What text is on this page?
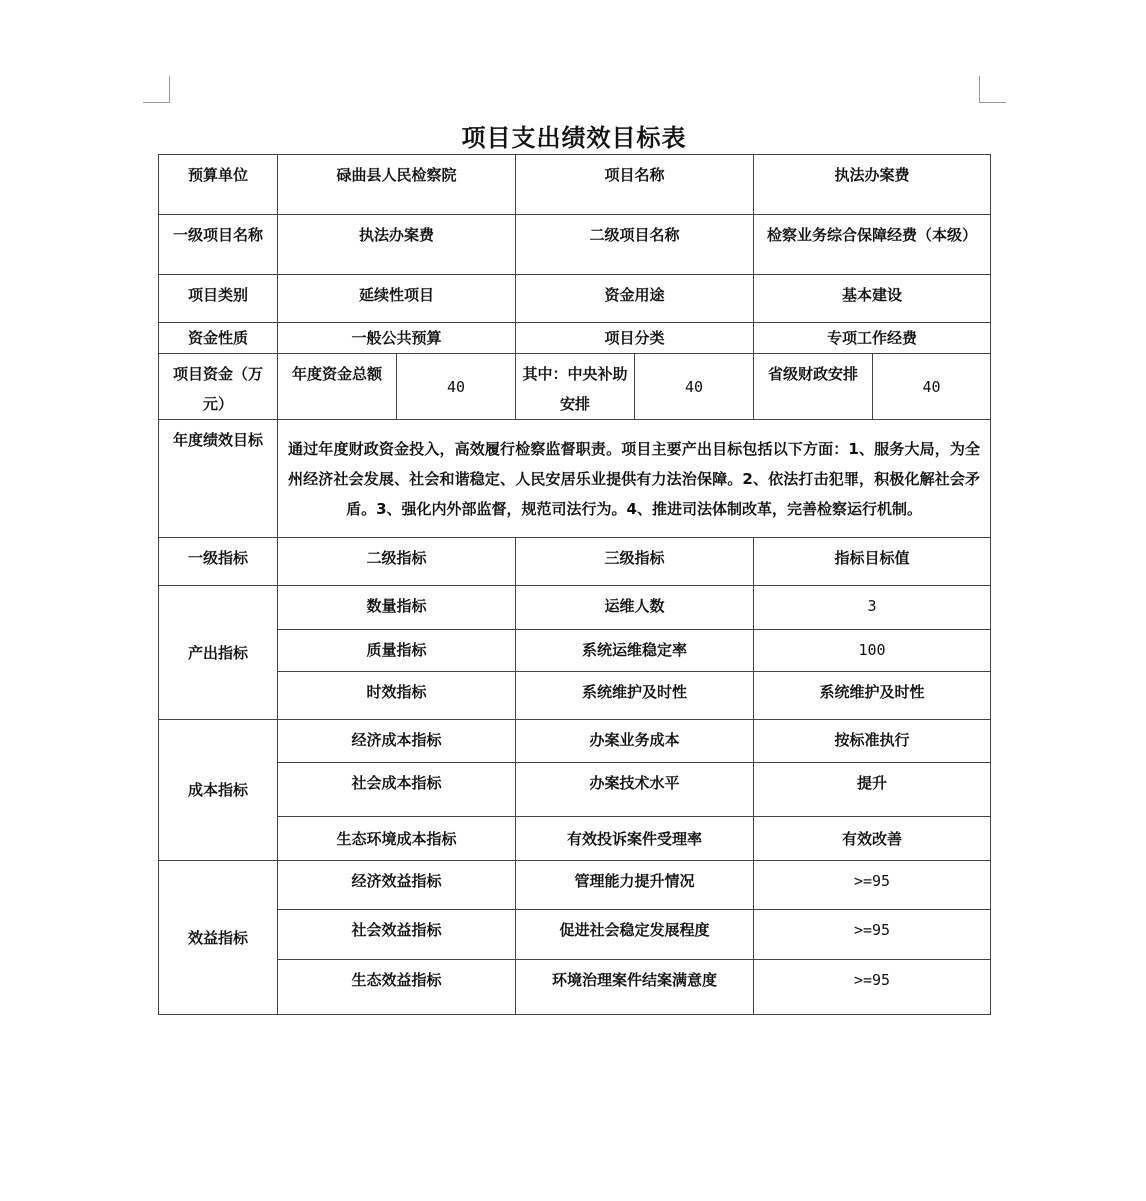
项目支出绩效目标表
预算单位	碌曲县人民检察院		项目名称		执法办案费	
一级项目名称	执法办案费		二级项目名称		检察业务综合保障经费（本级）	
项目类别	延续性项目		资金用途		基本建设	
资金性质	一般公共预算		项目分类		专项工作经费	
项目资金（万元）	年度资金总额	40	其中：中央补助安排	40	省级财政安排	40
年度绩效目标	通过年度财政资金投入，高效履行检察监督职责。项目主要产出目标包括以下方面：1、服务大局，为全州经济社会发展、社会和谐稳定、人民安居乐业提供有力法治保障。2、依法打击犯罪，积极化解社会矛盾。3、强化内外部监督，规范司法行为。4、推进司法体制改革，完善检察运行机制。					
一级指标	二级指标		三级指标		指标目标值	
产出指标	数量指标		运维人数		3	
	质量指标		系统运维稳定率		100	
	时效指标		系统维护及时性		系统维护及时性	
成本指标	经济成本指标		办案业务成本		按标准执行	
	社会成本指标		办案技术水平		提升	
	生态环境成本指标		有效投诉案件受理率		有效改善	
效益指标	经济效益指标		管理能力提升情况		>=95	
	社会效益指标		促进社会稳定发展程度		>=95	
	生态效益指标		环境治理案件结案满意度		>=95	
